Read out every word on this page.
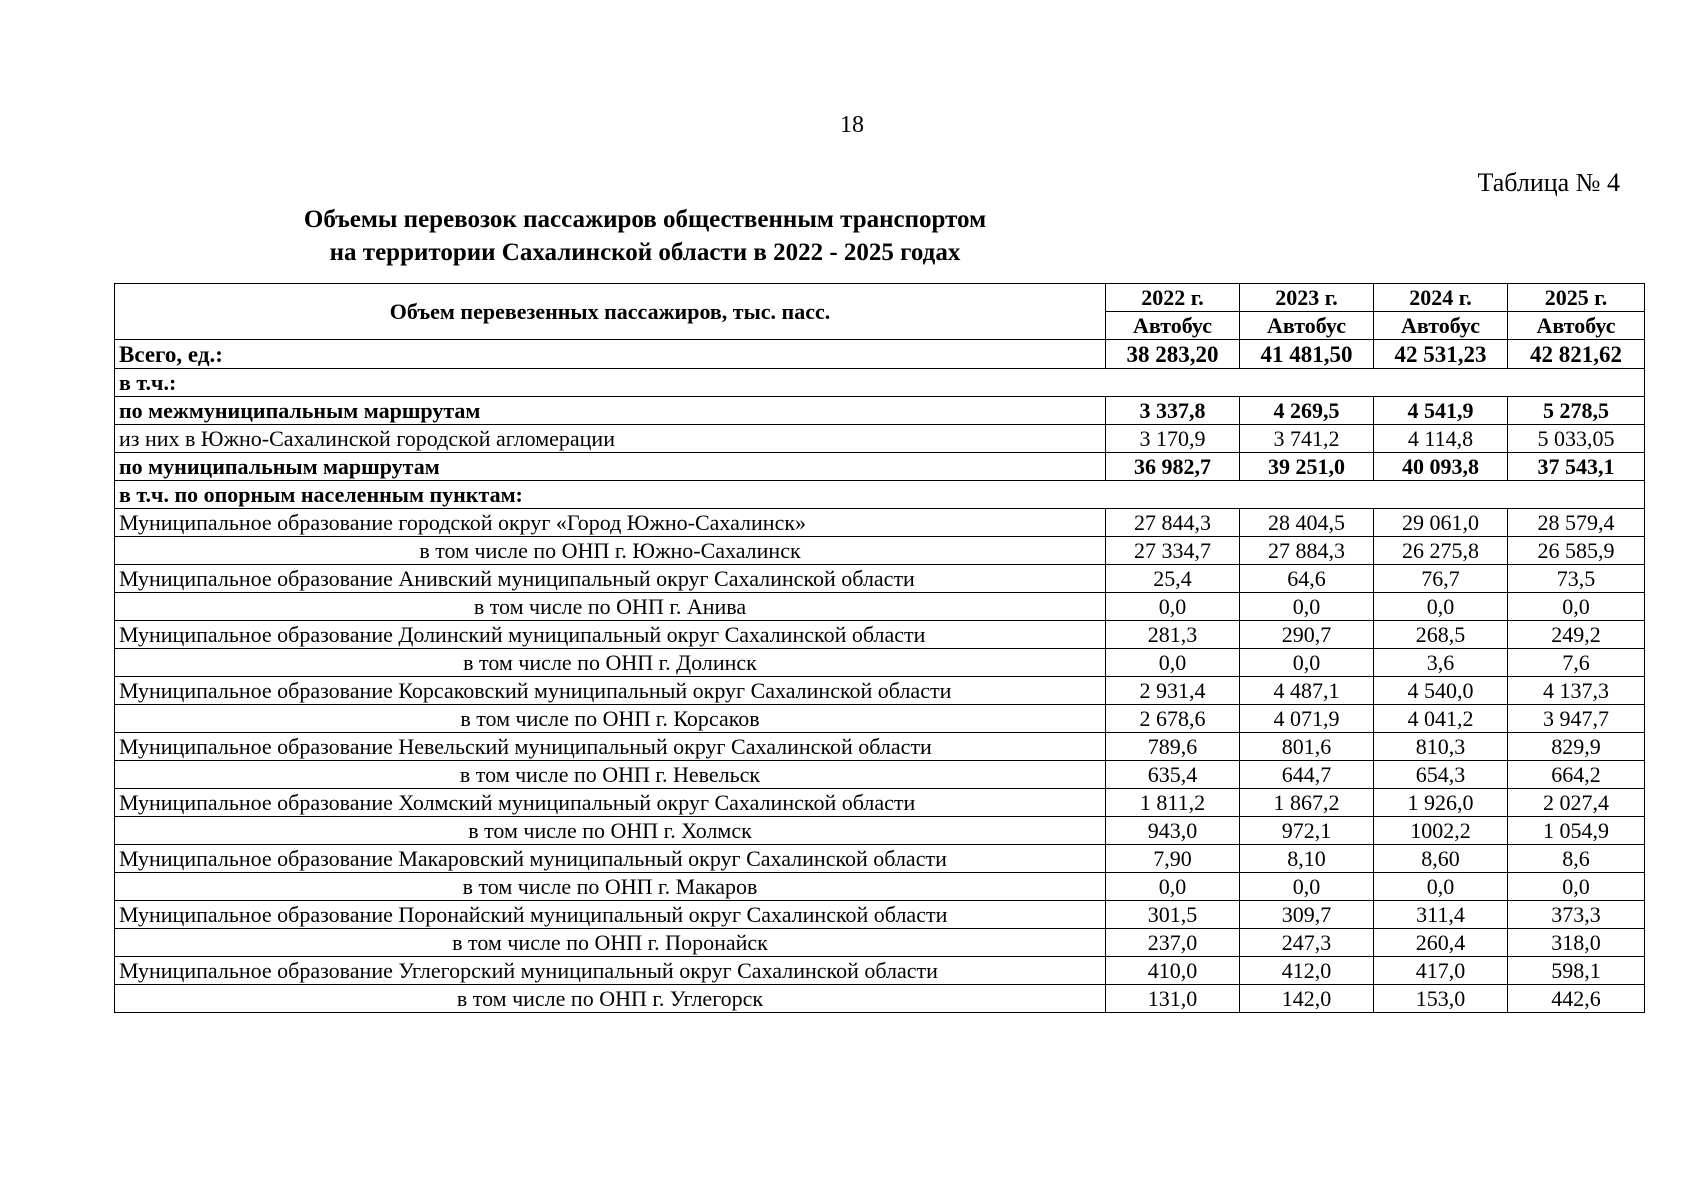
18
Таблица № 4
Объемы перевозок пассажиров общественным транспортом
на территории Сахалинской области в 2022 - 2025 годах
Объем перевезенных пассажиров, тыс. пасс.	2022 г.	2023 г.	2024 г.	2025 г.
	Автобус	Автобус	Автобус	Автобус
Всего, ед.:	38 283,20	41 481,50	42 531,23	42 821,62
в т.ч.:				
по межмуниципальным маршрутам	3 337,8	4 269,5	4 541,9	5 278,5
из них в Южно-Сахалинской городской агломерации	3 170,9	3 741,2	4 114,8	5 033,05
по муниципальным маршрутам	36 982,7	39 251,0	40 093,8	37 543,1
в т.ч. по опорным населенным пунктам:				
Муниципальное образование городской округ «Город Южно-Сахалинск»	27 844,3	28 404,5	29 061,0	28 579,4
в том числе по ОНП г. Южно-Сахалинск	27 334,7	27 884,3	26 275,8	26 585,9
Муниципальное образование Анивский муниципальный округ Сахалинской области	25,4	64,6	76,7	73,5
в том числе по ОНП г. Анива	0,0	0,0	0,0	0,0
Муниципальное образование Долинский муниципальный округ Сахалинской области	281,3	290,7	268,5	249,2
в том числе по ОНП г. Долинск	0,0	0,0	3,6	7,6
Муниципальное образование Корсаковский муниципальный округ Сахалинской области	2 931,4	4 487,1	4 540,0	4 137,3
в том числе по ОНП г. Корсаков	2 678,6	4 071,9	4 041,2	3 947,7
Муниципальное образование Невельский муниципальный округ Сахалинской области	789,6	801,6	810,3	829,9
в том числе по ОНП г. Невельск	635,4	644,7	654,3	664,2
Муниципальное образование Холмский муниципальный округ Сахалинской области	1 811,2	1 867,2	1 926,0	2 027,4
в том числе по ОНП г. Холмск	943,0	972,1	1002,2	1 054,9
Муниципальное образование Макаровский муниципальный округ Сахалинской области	7,90	8,10	8,60	8,6
в том числе по ОНП г. Макаров	0,0	0,0	0,0	0,0
Муниципальное образование Поронайский муниципальный округ Сахалинской области	301,5	309,7	311,4	373,3
в том числе по ОНП г. Поронайск	237,0	247,3	260,4	318,0
Муниципальное образование Углегорский муниципальный округ Сахалинской области	410,0	412,0	417,0	598,1
в том числе по ОНП г. Углегорск	131,0	142,0	153,0	442,6
